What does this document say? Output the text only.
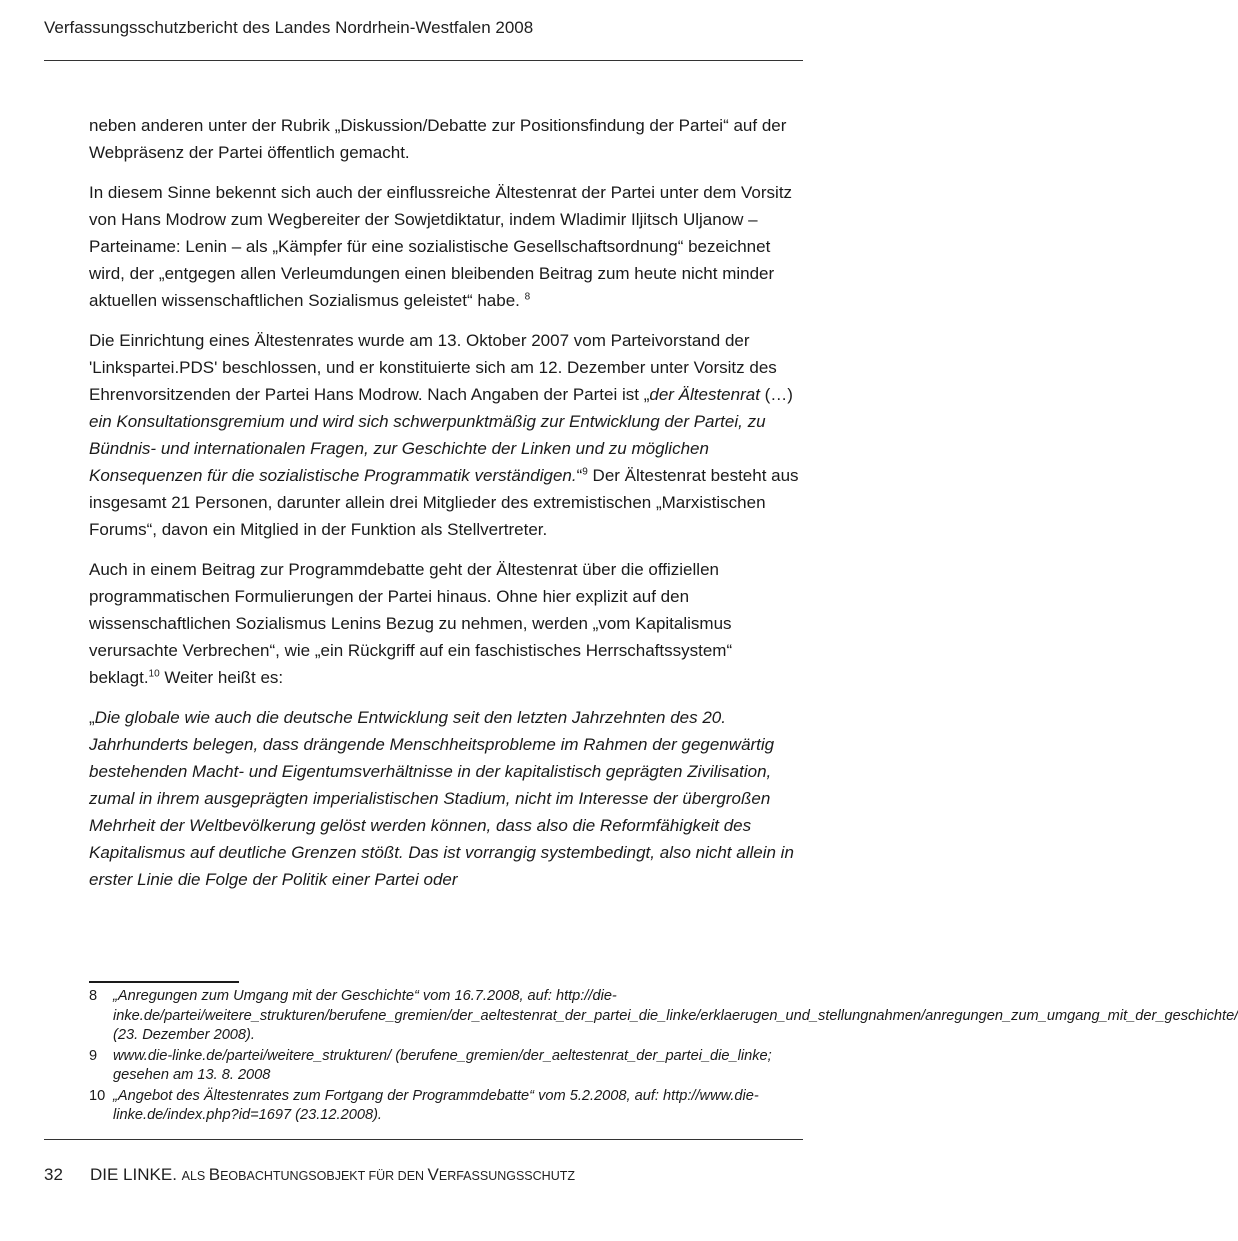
Verfassungsschutzbericht des Landes Nordrhein-Westfalen 2008

neben anderen unter der Rubrik „Diskussion/Debatte zur Positionsfindung der Partei“ auf der Webpräsenz der Partei öffentlich gemacht.

In diesem Sinne bekennt sich auch der einflussreiche Ältestenrat der Partei unter dem Vorsitz von Hans Modrow zum Wegbereiter der Sowjetdiktatur, indem Wladimir Iljitsch Uljanow – Parteiname: Lenin – als „Kämpfer für eine sozialistische Gesellschaftsordnung“ bezeichnet wird, der „entgegen allen Verleumdungen einen bleibenden Beitrag zum heute nicht minder aktuellen wissenschaftlichen Sozialismus geleistet“ habe. $^8$

Die Einrichtung eines Ältestenrates wurde am 13. Oktober 2007 vom Parteivorstand der 'Linkspartei.PDS' beschlossen, und er konstituierte sich am 12. Dezember unter Vorsitz des Ehrenvorsitzenden der Partei Hans Modrow. Nach Angaben der Partei ist „der Ältestenrat (…) ein Konsultationsgremium und wird sich schwerpunktmäßig zur Entwicklung der Partei, zu Bündnis- und internationalen Fragen, zur Geschichte der Linken und zu möglichen Konsequenzen für die sozialistische Programmatik verständigen.“$^9$ Der Ältestenrat besteht aus insgesamt 21 Personen, darunter allein drei Mitglieder des extremistischen „Marxistischen Forums“, davon ein Mitglied in der Funktion als Stellvertreter.

Auch in einem Beitrag zur Programmdebatte geht der Ältestenrat über die offiziellen programmatischen Formulierungen der Partei hinaus. Ohne hier explizit auf den wissenschaftlichen Sozialismus Lenins Bezug zu nehmen, werden „vom Kapitalismus verursachte Verbrechen“, wie „ein Rückgriff auf ein faschistisches Herrschaftssystem“ beklagt.$^{10}$ Weiter heißt es:

„Die globale wie auch die deutsche Entwicklung seit den letzten Jahrzehnten des 20. Jahrhunderts belegen, dass drängende Menschheitsprobleme im Rahmen der gegenwärtig bestehenden Macht- und Eigentumsverhältnisse in der kapitalistisch geprägten Zivilisation, zumal in ihrem ausgeprägten imperialistischen Stadium, nicht im Interesse der übergroßen Mehrheit der Weltbevölkerung gelöst werden können, dass also die Reformfähigkeit des Kapitalismus auf deutliche Grenzen stößt. Das ist vorrangig systembedingt, also nicht allein in erster Linie die Folge der Politik einer Partei oder

8	„Anregungen zum Umgang mit der Geschichte“ vom 16.7.2008, auf: http://die-inke.de/partei/weitere_strukturen/berufene_gremien/der_aeltestenrat_der_partei_die_linke/erklaerugen_und_stellungnahmen/anregungen_zum_umgang_mit_der_geschichte/ (23. Dezember 2008).
9	www.die-linke.de/partei/weitere_strukturen/ (berufene_gremien/der_aeltestenrat_der_partei_die_linke; gesehen am 13. 8. 2008
10 „Angebot des Ältestenrates zum Fortgang der Programmdebatte“ vom 5.2.2008, auf: http://www.die-linke.de/index.php?id=1697 (23.12.2008).
32	DIE LINKE. ALS BEOBACHTUNGSOBJEKT FÜR DEN VERFASSUNGSSCHUTZ
